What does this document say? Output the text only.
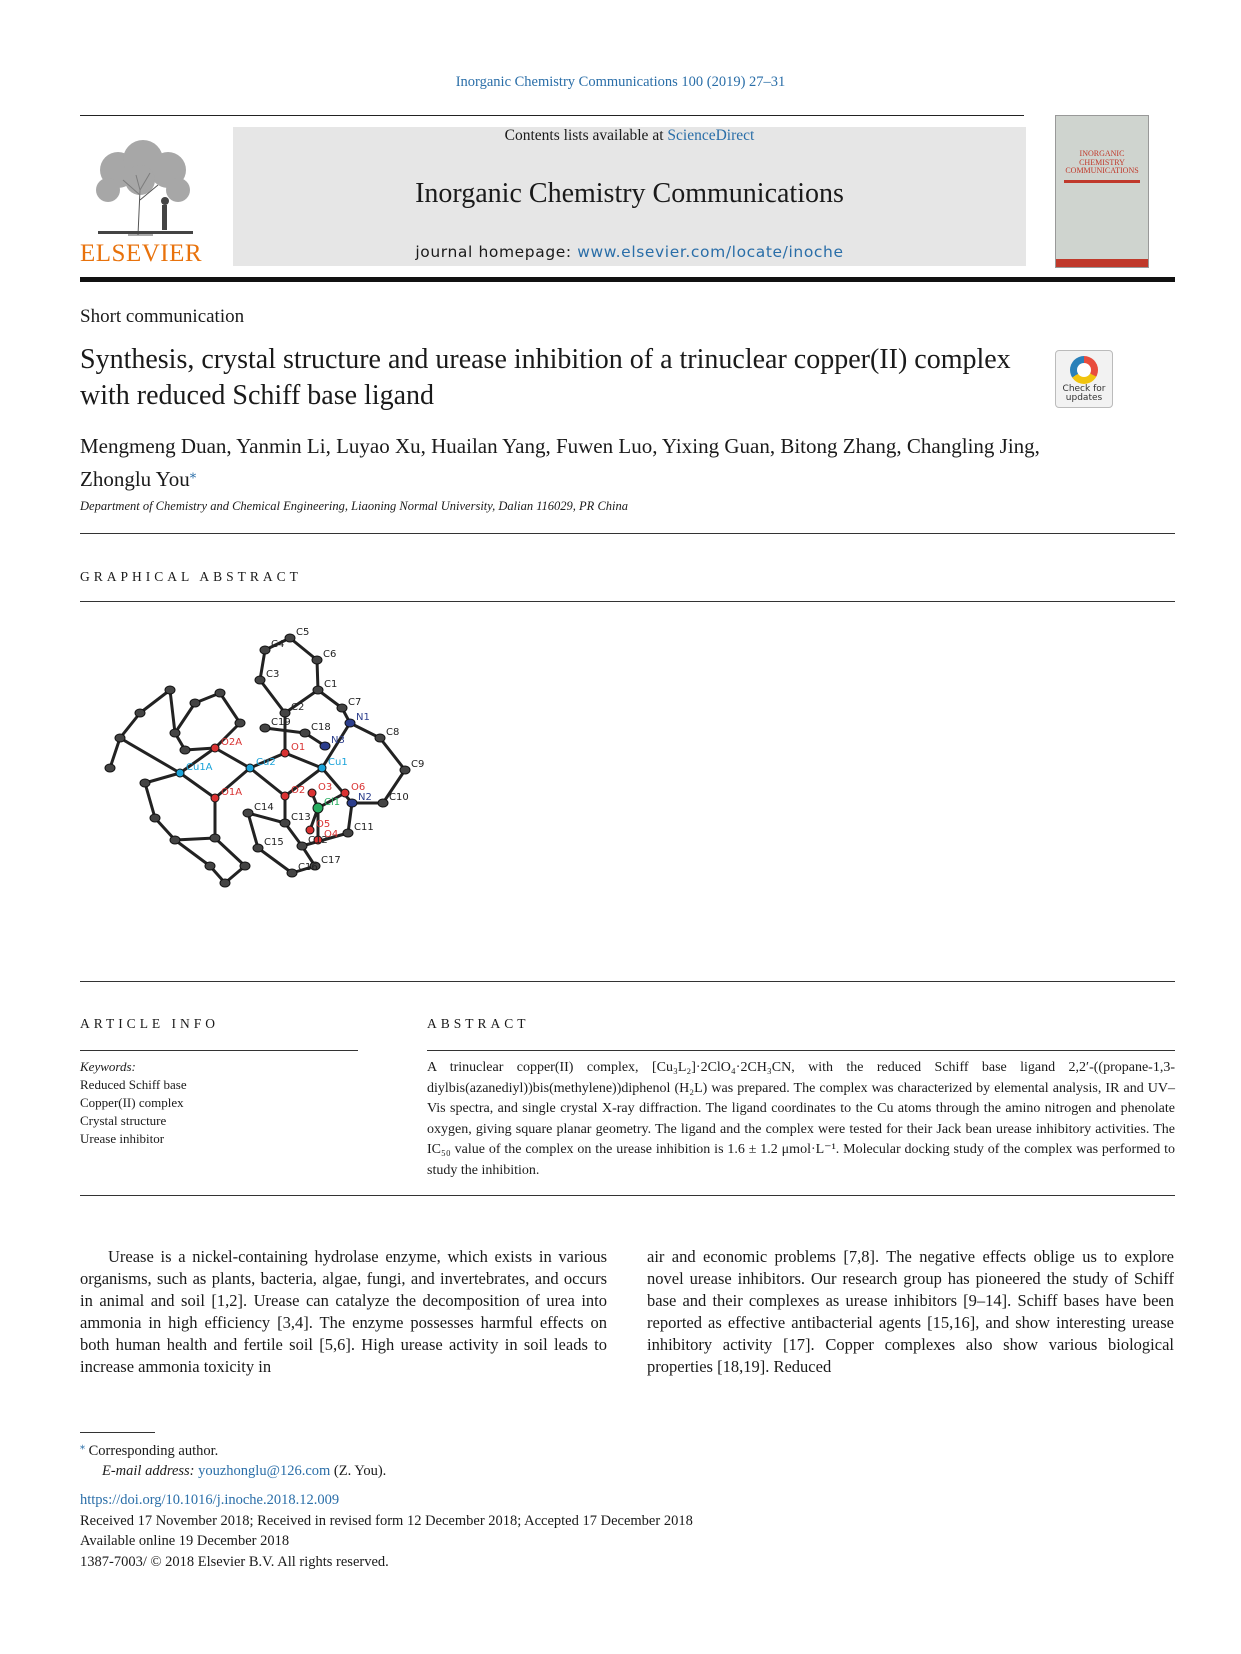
Inorganic Chemistry Communications 100 (2019) 27–31
ELSEVIER
Contents lists available at ScienceDirect
Inorganic Chemistry Communications
journal homepage: www.elsevier.com/locate/inoche
INORGANIC CHEMISTRY COMMUNICATIONS
Short communication
Synthesis, crystal structure and urease inhibition of a trinuclear copper(II) complex with reduced Schiff base ligand	Check for updates
Mengmeng Duan, Yanmin Li, Luyao Xu, Huailan Yang, Fuwen Luo, Yixing Guan, Bitong Zhang, Changling Jing, Zhonglu You⁎
Department of Chemistry and Chemical Engineering, Liaoning Normal University, Dalian 116029, PR China
GRAPHICAL ABSTRACT
C5
C4
C6
C3
C1
C7
C2
N1
C19 C18
N3
C8
O2A	O1
Cu1A	Cu2	Cu1	C9
O1A	O2 O3 O6
N2 C10
C14	Cl1
C11
C13
O5
C12
O4
C15
C17
C16
ARTICLE INFO
Keywords:
Reduced Schiff base
Copper(II) complex
Crystal structure
Urease inhibitor
ABSTRACT
A trinuclear copper(II) complex, [Cu₃L₂]·2ClO₄·2CH₃CN, with the reduced Schiff base ligand 2,2′-((propane-1,3-diylbis(azanediyl))bis(methylene))diphenol (H₂L) was prepared. The complex was characterized by elemental analysis, IR and UV–Vis spectra, and single crystal X-ray diffraction. The ligand coordinates to the Cu atoms through the amino nitrogen and phenolate oxygen, giving square planar geometry. The ligand and the complex were tested for their Jack bean urease inhibitory activities. The IC₅₀ value of the complex on the urease inhibition is 1.6 ± 1.2 μmol·L⁻¹. Molecular docking study of the complex was performed to study the inhibition.

Urease is a nickel-containing hydrolase enzyme, which exists in various organisms, such as plants, bacteria, algae, fungi, and invertebrates, and occurs in animal and soil [1,2]. Urease can catalyze the decomposition of urea into ammonia in high efficiency [3,4]. The enzyme possesses harmful effects on both human health and fertile soil [5,6]. High urease activity in soil leads to increase ammonia toxicity in

air and economic problems [7,8]. The negative effects oblige us to explore novel urease inhibitors. Our research group has pioneered the study of Schiff base and their complexes as urease inhibitors [9–14]. Schiff bases have been reported as effective antibacterial agents [15,16], and show interesting urease inhibitory activity [17]. Copper complexes also show various biological properties [18,19]. Reduced

⁎ Corresponding author.
E-mail address: youzhonglu@126.com (Z. You).
https://doi.org/10.1016/j.inoche.2018.12.009
Received 17 November 2018; Received in revised form 12 December 2018; Accepted 17 December 2018
Available online 19 December 2018
1387-7003/ © 2018 Elsevier B.V. All rights reserved.
